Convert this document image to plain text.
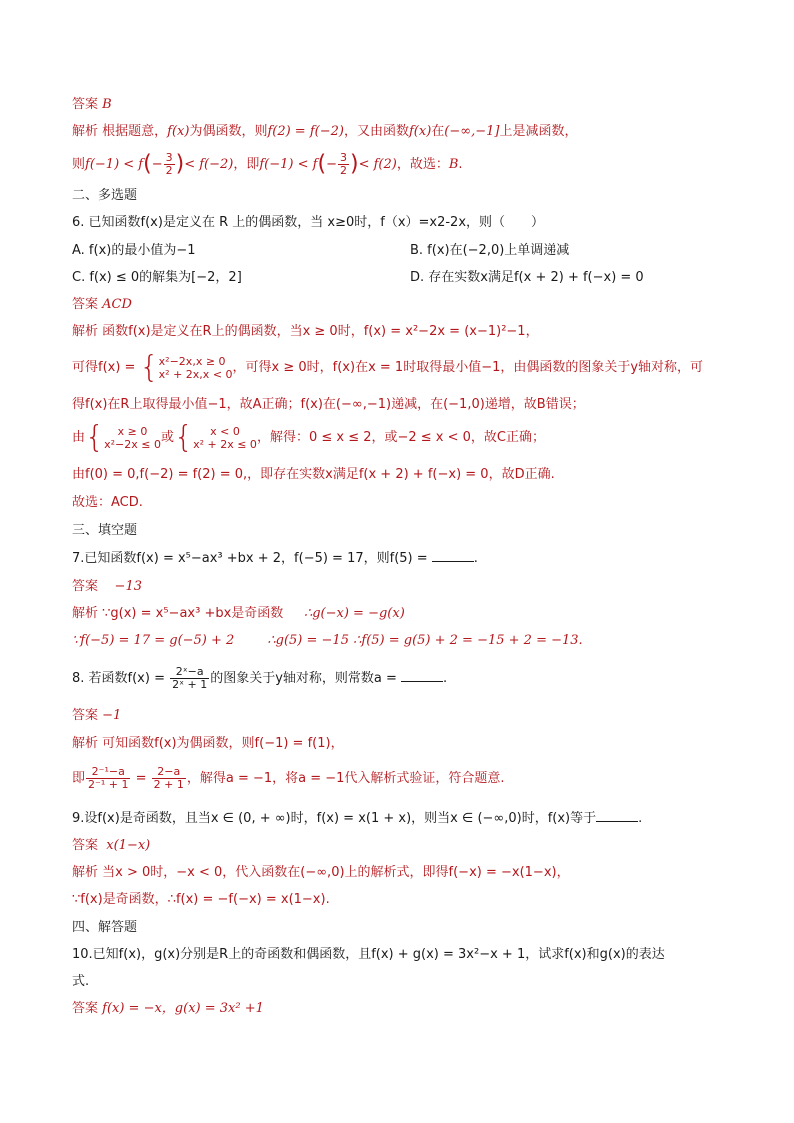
答案 B
解析 根据题意，f(x)为偶函数，则f(2) = f(−2)，又由函数f(x)在(−∞,−1]上是减函数，
则$f(-1) < f(- \frac{3}{2}$ )< f(−2)，即$f(-1) < f(- \frac{3}{2}$ )< f(2)，故选：B.
二、多选题
6. 已知函数f(x)是定义在 R 上的偶函数，当 x≥0时，f（x）=x2-2x，则（　　）
A. f(x)的最小值为−1	B. f(x)在(−2,0)上单调递减
C. f(x) ≤ 0的解集为[−2，2]	D. 存在实数x满足f(x + 2) + f(−x) = 0
答案 ACD
解析 函数f(x)是定义在R上的偶函数，当x ≥ 0时，f(x) = x²−2x = (x−1)²−1，
可得f(x) = {x²−2x,x ≥ 0
x² + 2x,x < 0，可得x ≥ 0时，f(x)在x = 1时取得最小值−1，由偶函数的图象关于y轴对称，可
得f(x)在R上取得最小值−1，故A正确；f(x)在(−∞,−1)递减，在(−1,0)递增，故B错误；
由{ x ≥ 0
x²−2x ≤ 0或{ x < 0
x² + 2x ≤ 0，解得：0 ≤ x ≤ 2，或−2 ≤ x < 0，故C正确；
由f(0) = 0,f(−2) = f(2) = 0,，即存在实数x满足f(x + 2) + f(−x) = 0，故D正确.
故选：ACD.
三、填空题
7.已知函数f(x) = x⁵−ax³ +bx + 2，f(−5) = 17，则f(5) =	.
答案 −13
解析 ∵g(x) = x⁵−ax³ +bx是奇函数 ∴g(−x) = −g(x)
∵f(−5) = 17 = g(−5) + 2	∴g(5) = −15 ∴f(5) = g(5) + 2 = −15 + 2 = −13.
8. 若函数$f(x) = \frac{\text{2ˣ−a}}{\text{2ˣ + 1}}$ 的图象关于y轴对称，则常数a =	.
答案 −1
解析 可知函数f(x)为偶函数，则f(−1) = f(1)，
即 $\frac{\text{2⁻¹−a}}{\text{2⁻¹ + 1}} = \frac{2-a}{2 + 1}$ ，解得a = −1，将a = −1代入解析式验证，符合题意.
9.设f(x)是奇函数，且当x ∈ (0, + ∞)时，f(x) = x(1 + x)，则当x ∈ (−∞,0)时，f(x)等于	.
答案  x(1−x)
解析 当x > 0时，−x < 0，代入函数在(−∞,0)上的解析式，即得f(−x) = −x(1−x)，
∵f(x)是奇函数，∴f(x) = −f(−x) = x(1−x).
四、解答题
10.已知f(x)，g(x)分别是R上的奇函数和偶函数，且f(x) + g(x) = 3x²−x + 1，试求f(x)和g(x)的表达
式.
答案 f(x) = −x，g(x) = 3x² +1
